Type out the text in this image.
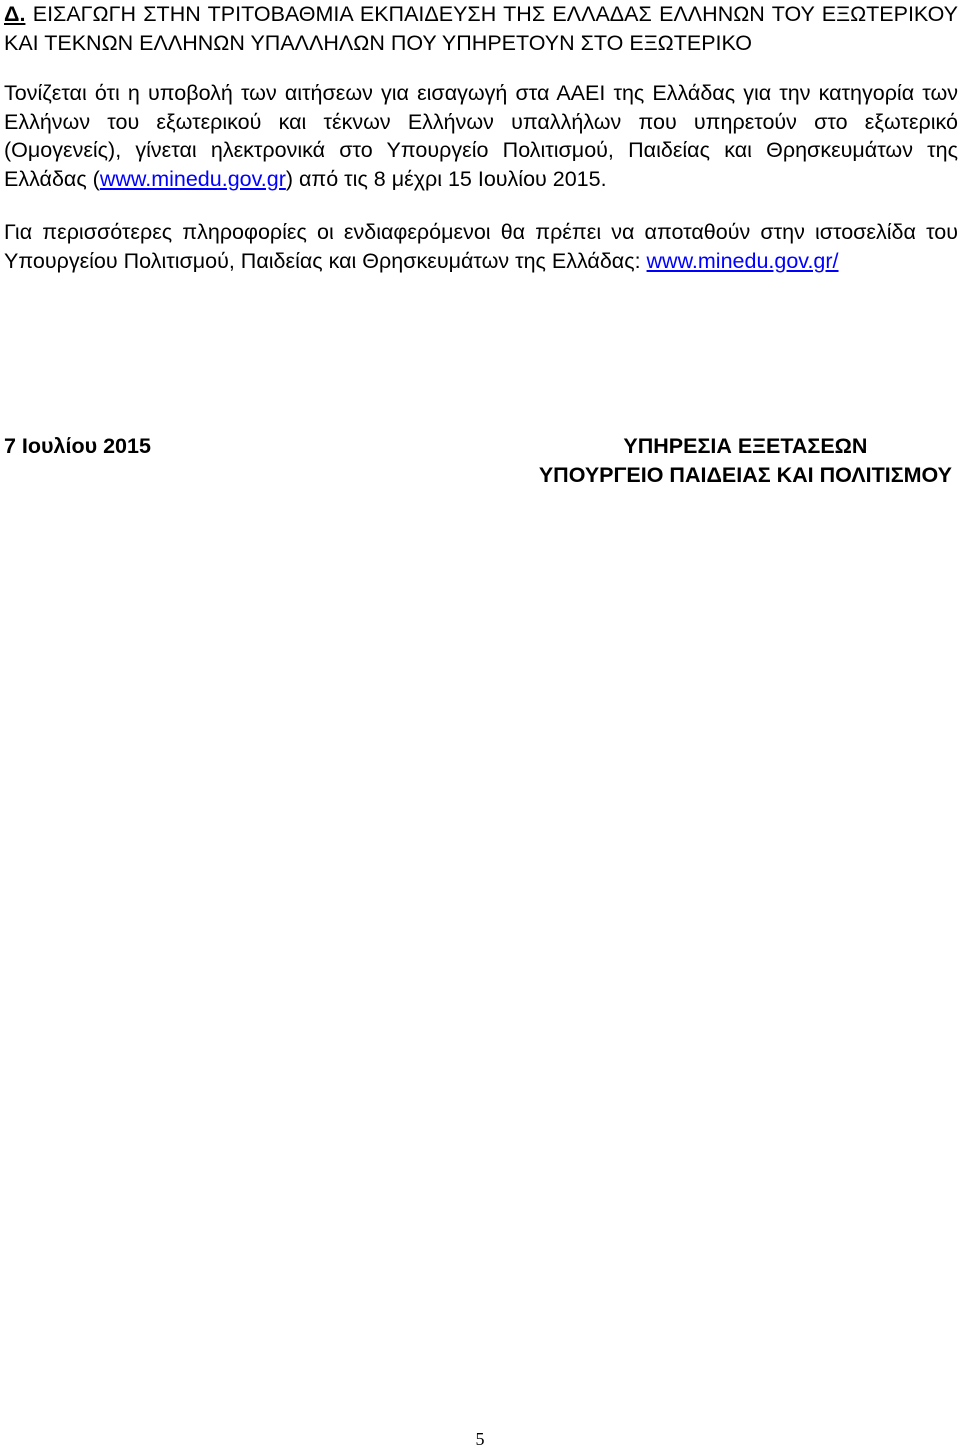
Δ. ΕΙΣΑΓΩΓΗ ΣΤΗΝ ΤΡΙΤΟΒΑΘΜΙΑ ΕΚΠΑΙΔΕΥΣΗ ΤΗΣ ΕΛΛΑΔΑΣ ΕΛΛΗΝΩΝ ΤΟΥ ΕΞΩΤΕΡΙΚΟΥ ΚΑΙ ΤΕΚΝΩΝ ΕΛΛΗΝΩΝ ΥΠΑΛΛΗΛΩΝ ΠΟΥ ΥΠΗΡΕΤΟΥΝ ΣΤΟ ΕΞΩΤΕΡΙΚΟ

Τονίζεται ότι η υποβολή των αιτήσεων για εισαγωγή στα ΑΑΕΙ της Ελλάδας για την κατηγορία των Ελλήνων του εξωτερικού και τέκνων Ελλήνων υπαλλήλων που υπηρετούν στο εξωτερικό (Ομογενείς), γίνεται ηλεκτρονικά στο Υπουργείο Πολιτισμού, Παιδείας και Θρησκευμάτων της Ελλάδας (www.minedu.gov.gr) από τις 8 μέχρι 15 Ιουλίου 2015.

Για περισσότερες πληροφορίες οι ενδιαφερόμενοι θα πρέπει να αποταθούν στην ιστοσελίδα του Υπουργείου Πολιτισμού, Παιδείας και Θρησκευμάτων της Ελλάδας: www.minedu.gov.gr/

7 Ιουλίου 2015	ΥΠΗΡΕΣΙΑ ΕΞΕΤΑΣΕΩΝ
ΥΠΟΥΡΓΕΙΟ ΠΑΙΔΕΙΑΣ ΚΑΙ ΠΟΛΙΤΙΣΜΟΥ
5
